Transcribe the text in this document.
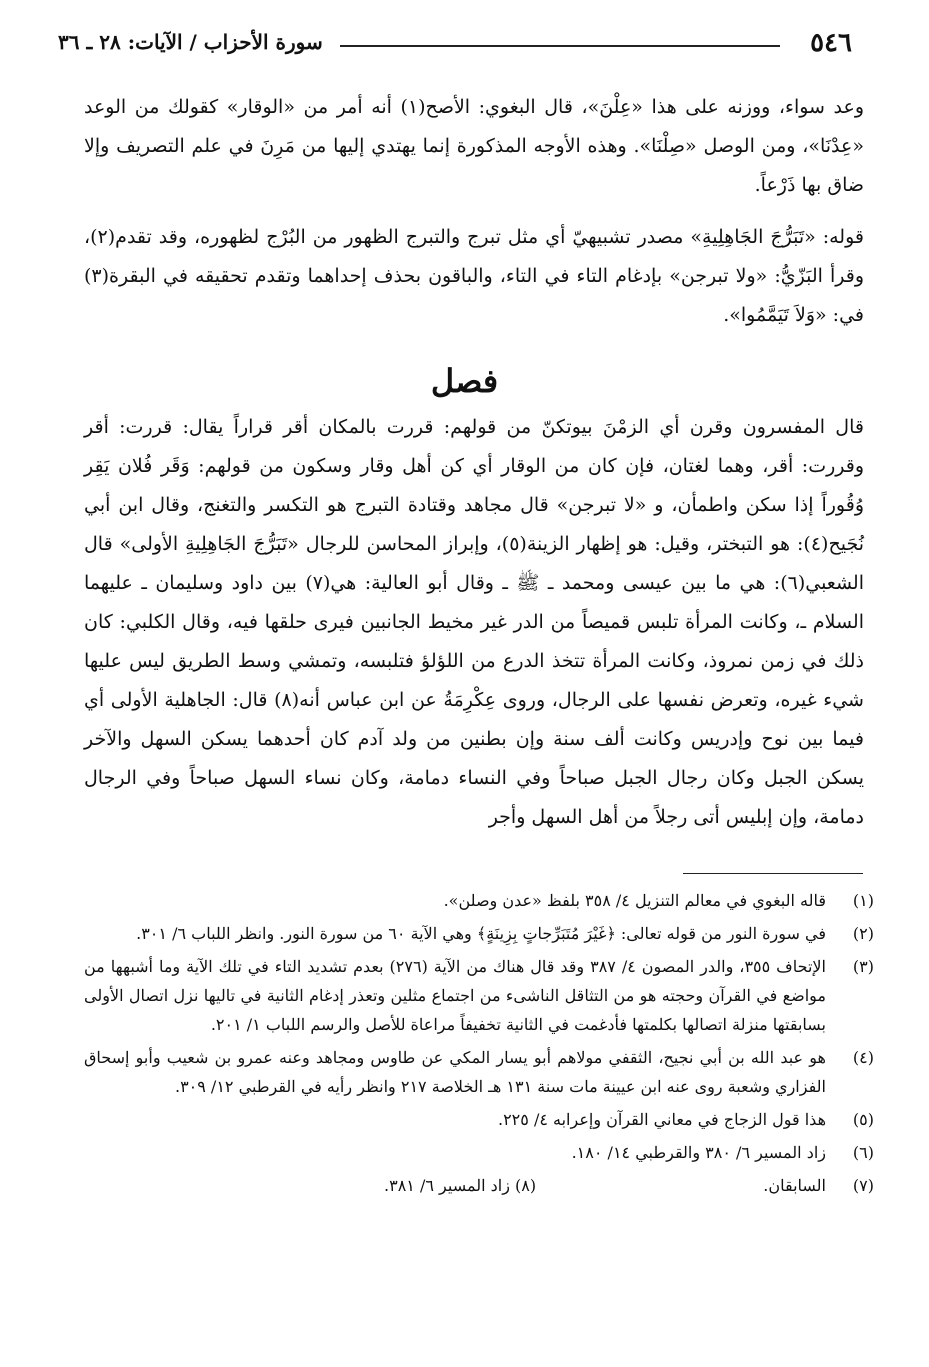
٥٤٦
سورة الأحزاب / الآيات: ٢٨ ـ ٣٦
وعد سواء، ووزنه على هذا «عِلْنَ»، قال البغوي: الأصح(١) أنه أمر من «الوقار» كقولك من الوعد «عِدْنَا»، ومن الوصل «صِلْنَا». وهذه الأوجه المذكورة إنما يهتدي إليها من مَرِنَ في علم التصريف وإلا ضاق بها ذَرْعاً.
قوله: «تَبَرُّجَ الجَاهِلِيةِ» مصدر تشبيهيّ أي مثل تبرج والتبرج الظهور من البُرْج لظهوره، وقد تقدم(٢)، وقرأ البَزّيُّ: «ولا تبرجن» بإدغام التاء في التاء، والباقون بحذف إحداهما وتقدم تحقيقه في البقرة(٣) في: «وَلاَ تَيَمَّمُوا».
فصل
قال المفسرون وقرن أي الزمْنَ بيوتكنّ من قولهم: قررت بالمكان أقر قراراً يقال: قررت: أقر وقررت: أقر، وهما لغتان، فإن كان من الوقار أي كن أهل وقار وسكون من قولهم: وَقَر فُلان يَقِر وُقُوراً إذا سكن واطمأن، و «لا تبرجن» قال مجاهد وقتادة التبرج هو التكسر والتغنج، وقال ابن أبي نُجَيح(٤): هو التبختر، وقيل: هو إظهار الزينة(٥)، وإبراز المحاسن للرجال «تَبَرُّجَ الجَاهِلِيةِ الأولى» قال الشعبي(٦): هي ما بين عيسى ومحمد ـ ﷺ ـ وقال أبو العالية: هي(٧) بين داود وسليمان ـ عليهما السلام ـ، وكانت المرأة تلبس قميصاً من الدر غير مخيط الجانبين فيرى حلقها فيه، وقال الكلبي: كان ذلك في زمن نمروذ، وكانت المرأة تتخذ الدرع من اللؤلؤ فتلبسه، وتمشي وسط الطريق ليس عليها شيء غيره، وتعرض نفسها على الرجال، وروى عِكْرِمَةُ عن ابن عباس أنه(٨) قال: الجاهلية الأولى أي فيما بين نوح وإدريس وكانت ألف سنة وإن بطنين من ولد آدم كان أحدهما يسكن السهل والآخر يسكن الجبل وكان رجال الجبل صباحاً وفي النساء دمامة، وكان نساء السهل صباحاً وفي الرجال دمامة، وإن إبليس أتى رجلاً من أهل السهل وأجر
(١)
قاله البغوي في معالم التنزيل ٤/ ٣٥٨ بلفظ «عدن وصلن».
(٢)
في سورة النور من قوله تعالى: ﴿غَيْرَ مُتَبَرِّجاتٍ بِزِينَةٍ﴾ وهي الآية ٦٠ من سورة النور. وانظر اللباب ٦/ ٣٠١.
(٣)
الإتحاف ٣٥٥، والدر المصون ٤/ ٣٨٧ وقد قال هناك من الآية (٢٧٦) بعدم تشديد التاء في تلك الآية وما أشبهها من مواضع في القرآن وحجته هو من التثاقل الناشىء من اجتماع مثلين وتعذر إدغام الثانية في تاليها نزل اتصال الأولى بسابقتها منزلة اتصالها بكلمتها فأدغمت في الثانية تخفيفاً مراعاة للأصل والرسم اللباب ١/ ٢٠١.
(٤)
هو عبد الله بن أبي نجيح، الثقفي مولاهم أبو يسار المكي عن طاوس ومجاهد وعنه عمرو بن شعيب وأبو إسحاق الفزاري وشعبة روى عنه ابن عيينة مات سنة ١٣١ هـ الخلاصة ٢١٧ وانظر رأيه في القرطبي ١٢/ ٣٠٩.
(٥)
هذا قول الزجاج في معاني القرآن وإعرابه ٤/ ٢٢٥.
(٦)
زاد المسير ٦/ ٣٨٠ والقرطبي ١٤/ ١٨٠.
(٧)
السابقان.
(٨) زاد المسير ٦/ ٣٨١.
